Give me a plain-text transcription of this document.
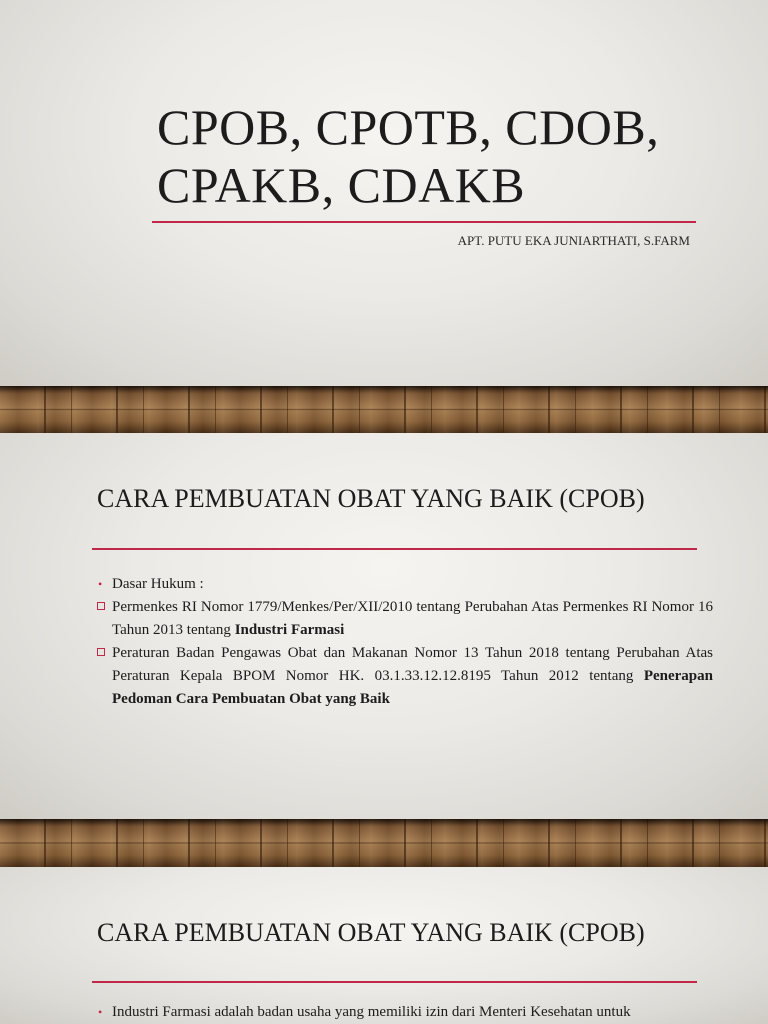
CPOB, CPOTB, CDOB,
CPAKB, CDAKB

APT. PUTU EKA JUNIARTHATI, S.FARM

CARA PEMBUATAN OBAT YANG BAIK (CPOB)

• Dasar Hukum :

Permenkes RI Nomor 1779/Menkes/Per/XII/2010 tentang Perubahan Atas Permenkes RI Nomor 16 Tahun 2013 tentang Industri Farmasi

Peraturan Badan Pengawas Obat dan Makanan Nomor 13 Tahun 2018 tentang Perubahan Atas Peraturan Kepala BPOM Nomor HK. 03.1.33.12.12.8195 Tahun 2012 tentang Penerapan Pedoman Cara Pembuatan Obat yang Baik

CARA PEMBUATAN OBAT YANG BAIK (CPOB)

• Industri Farmasi adalah badan usaha yang memiliki izin dari Menteri Kesehatan untuk
